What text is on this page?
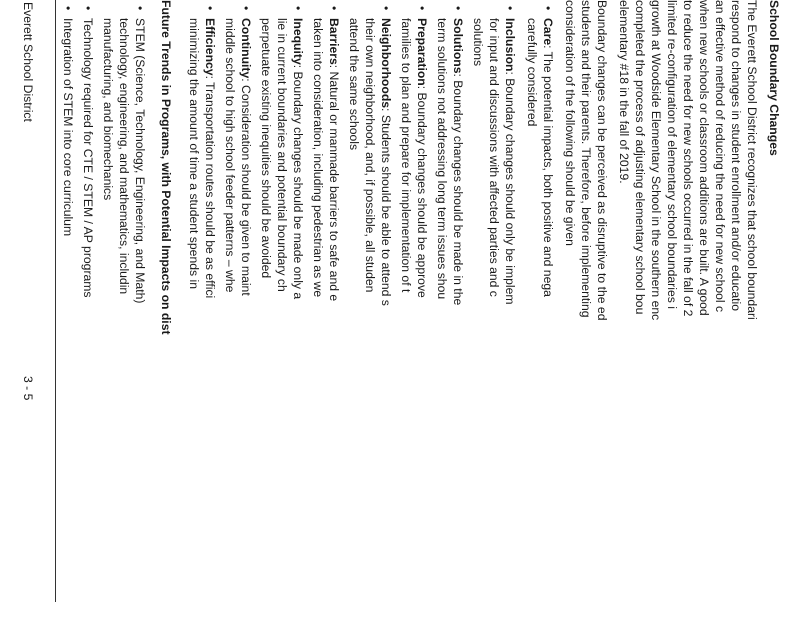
School Boundary Changes
The Everett School District recognizes that school boundari
respond to changes in student enrollment and/or educatio
an effective method of reducing the need for new school c
when new schools or classroom additions are built. A good
to reduce the need for new schools occurred in the fall of 2
limited re-configuration of elementary school boundaries i
growth at Woodside Elementary School in the southern enc
completed the process of adjusting elementary school bou
elementary #18 in the fall of 2019.
Boundary changes can be perceived as disruptive to the ed
students and their parents. Therefore, before implementing
consideration of the following should be given
•
Care: The potential impacts, both positive and nega
carefully considered
•
Inclusion: Boundary changes should only be implem
for input and discussions with affected parties and c
solutions
•
Solutions: Boundary changes should be made in the
term solutions not addressing long term issues shou
•
Preparation: Boundary changes should be approve
families to plan and prepare for implementation of t
•
Neighborhoods: Students should be able to attend s
their own neighborhood, and, if possible, all studen
attend the same schools
•
Barriers: Natural or manmade barriers to safe and e
taken into consideration, including pedestrian as we
•
Inequity: Boundary changes should be made only a
lie in current boundaries and potential boundary ch
perpetuate existing inequities should be avoided
•
Continuity: Consideration should be given to maint
middle school to high school feeder patterns – whe
•
Efficiency: Transportation routes should be as effici
minimizing the amount of time a student spends in
Future Trends in Programs, with Potential Impacts on dist
•
STEM (Science, Technology, Engineering, and Math)
technology, engineering, and mathematics, includin
manufacturing, and biomechanics
•
Technology required for CTE / STEM / AP programs
•
Integration of STEM into core curriculum
Everett School District
3 - 5
